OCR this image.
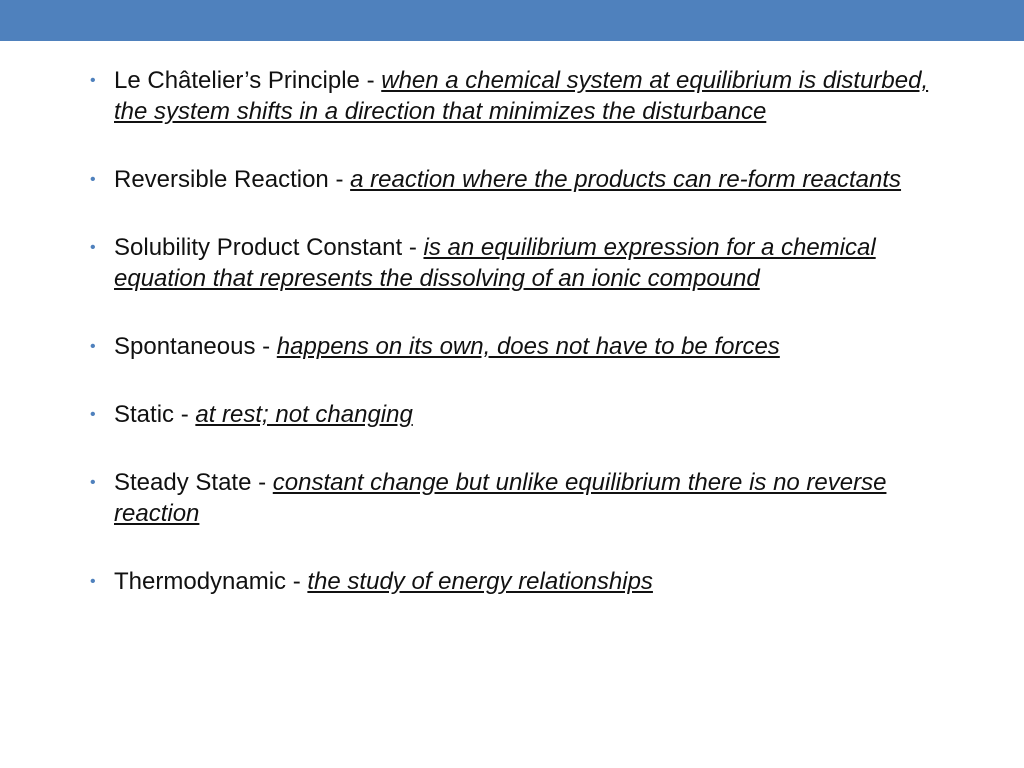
• Le Châtelier’s Principle - when a chemical system at equilibrium is disturbed, the system shifts in a direction that minimizes the disturbance
• Reversible Reaction - a reaction where the products can re-form reactants
• Solubility Product Constant - is an equilibrium expression for a chemical equation that represents the dissolving of an ionic compound
• Spontaneous - happens on its own, does not have to be forces
• Static - at rest; not changing
• Steady State - constant change but unlike equilibrium there is no reverse reaction
• Thermodynamic - the study of energy relationships
